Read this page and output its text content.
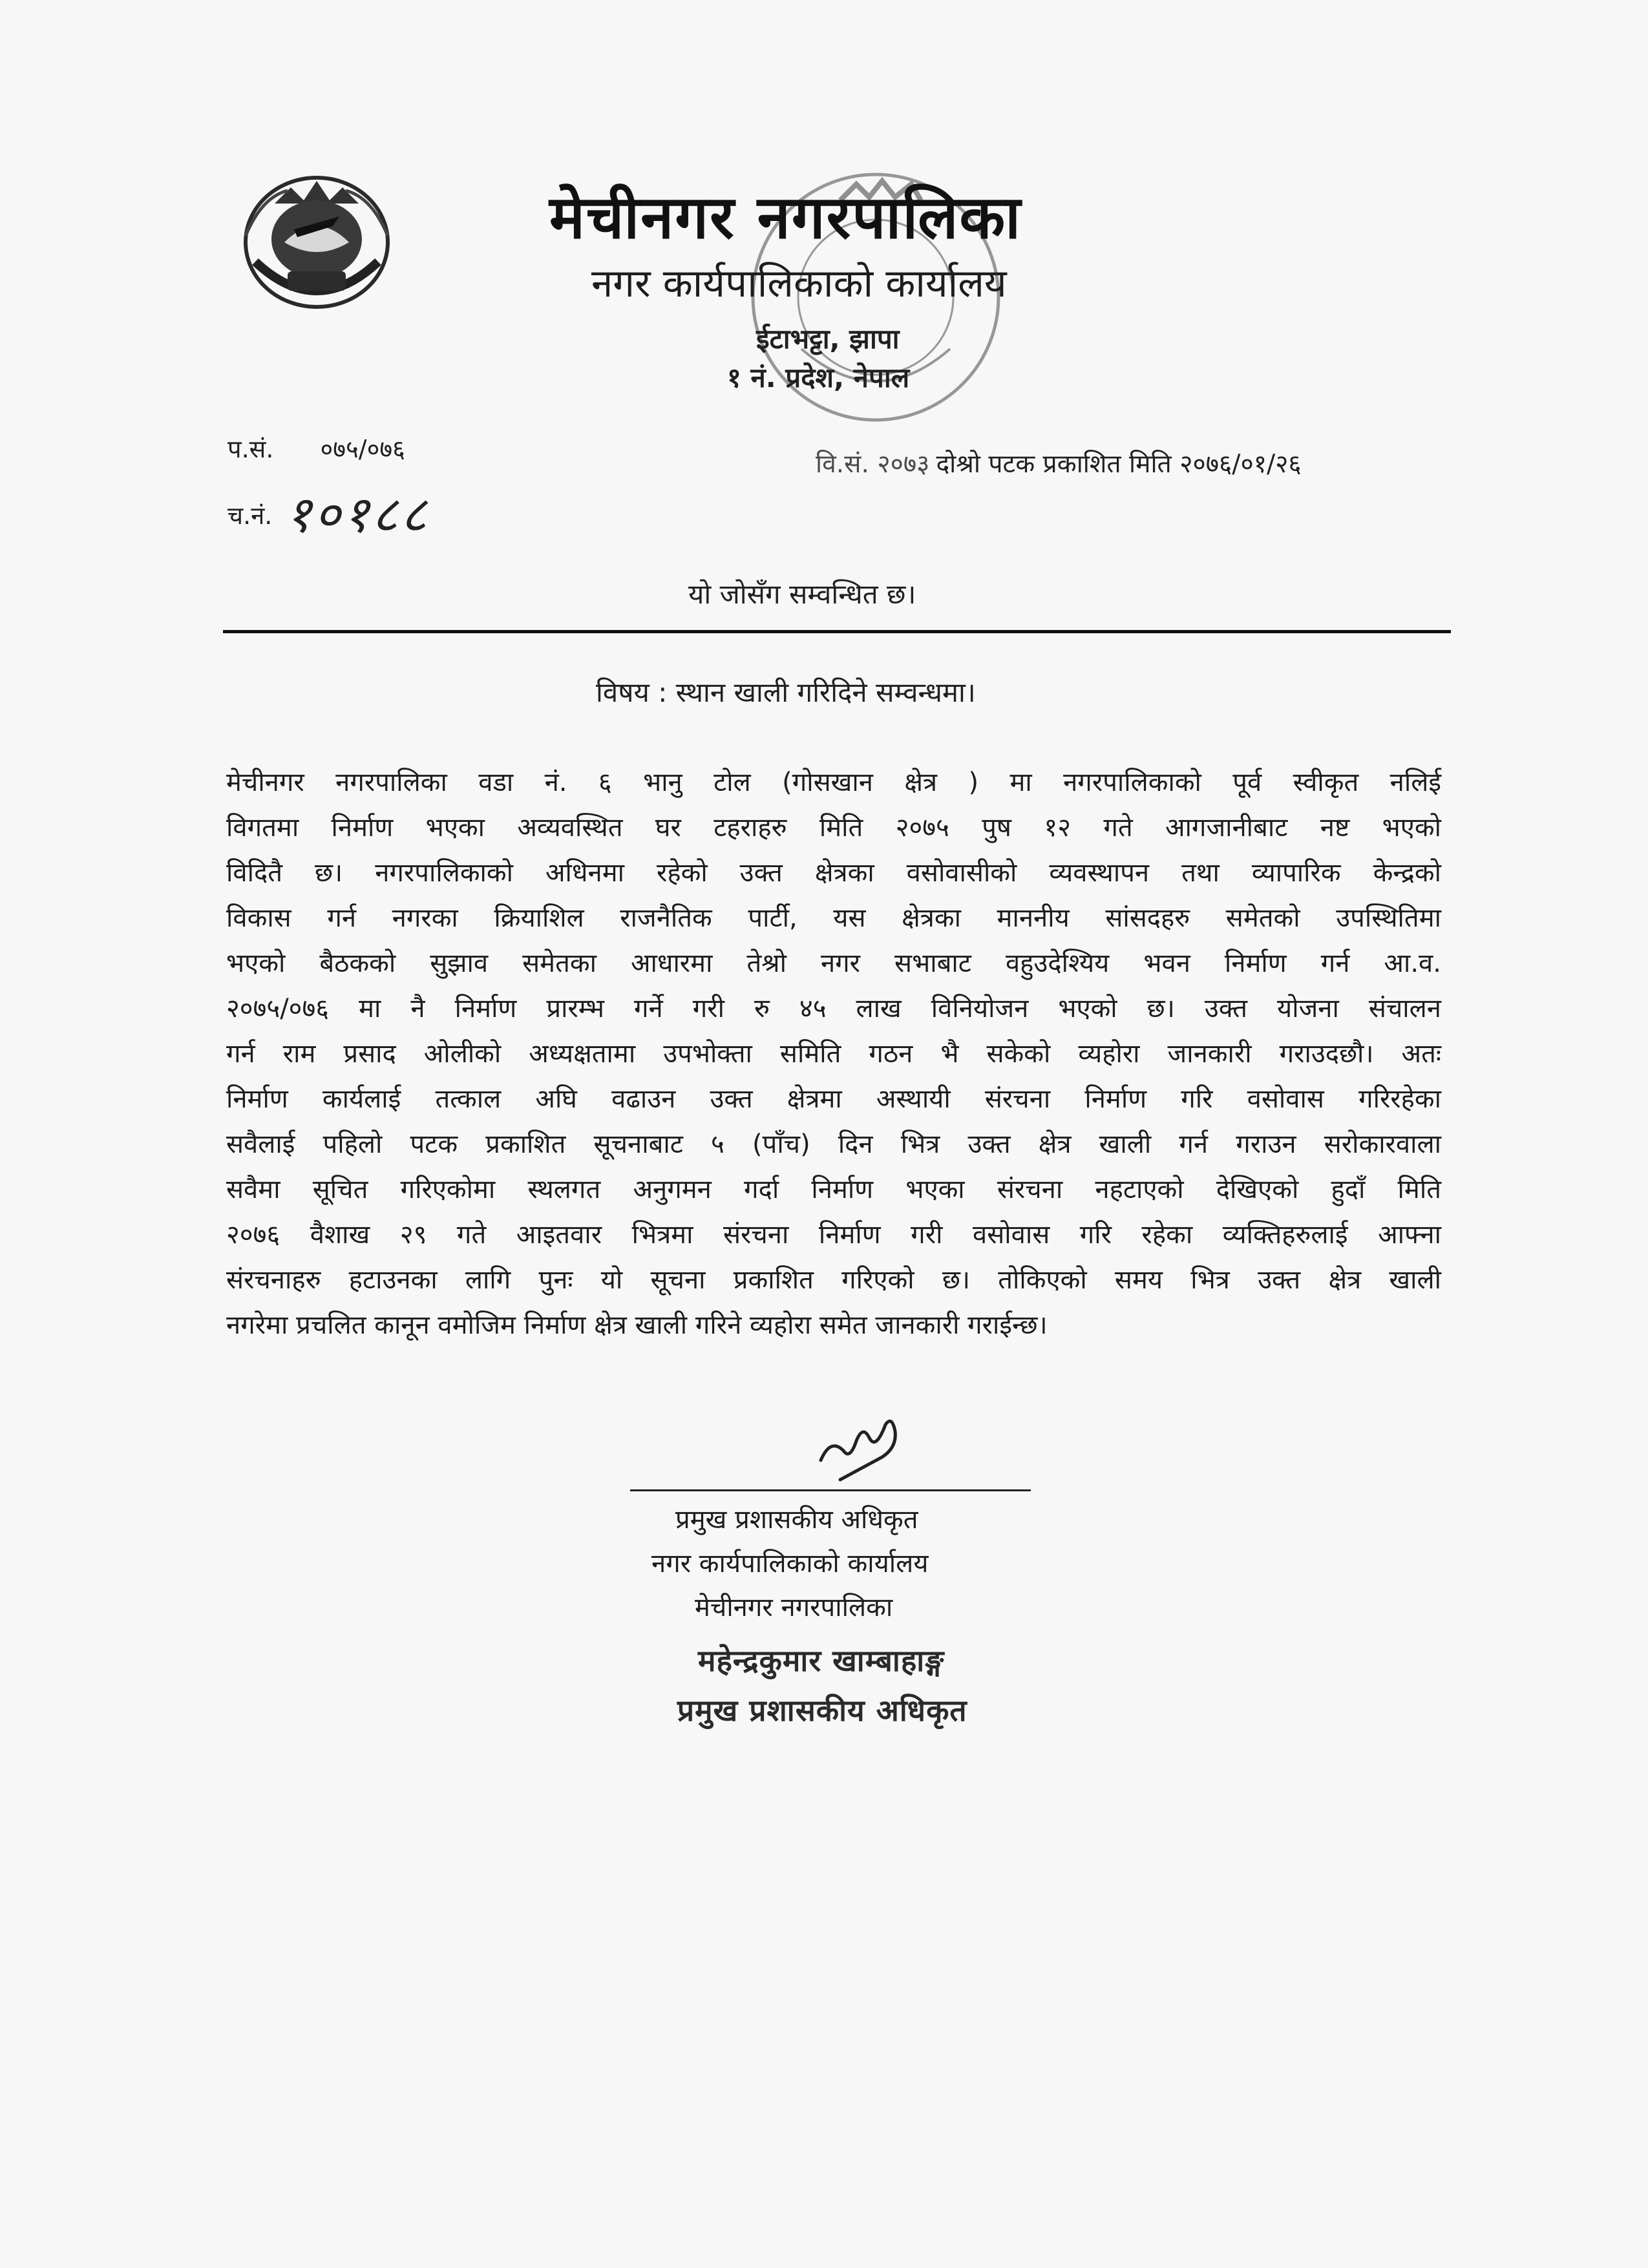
मेचीनगर नगरपालिका
नगर कार्यपालिकाको कार्यालय
ईटाभट्टा, झापा
१ नं. प्रदेश, नेपाल
प.सं. ०७५/०७६
च.नं. १०१८८
वि.सं. २०७३ दोश्रो पटक प्रकाशित मिति २०७६/०१/२६
यो जोसँग सम्वन्धित छ।
विषय : स्थान खाली गरिदिने सम्वन्धमा।
मेचीनगर नगरपालिका वडा नं. ६ भानु टोल (गोसखान क्षेत्र ) मा नगरपालिकाको पूर्व स्वीकृत नलिई
विगतमा निर्माण भएका अव्यवस्थित घर टहराहरु मिति २०७५ पुष १२ गते आगजानीबाट नष्ट भएको
विदितै छ। नगरपालिकाको अधिनमा रहेको उक्त क्षेत्रका वसोवासीको व्यवस्थापन तथा व्यापारिक केन्द्रको
विकास गर्न नगरका क्रियाशिल राजनैतिक पार्टी, यस क्षेत्रका माननीय सांसदहरु समेतको उपस्थितिमा
भएको बैठकको सुझाव समेतका आधारमा तेश्रो नगर सभाबाट वहुउदेश्यिय भवन निर्माण गर्न आ.व.
२०७५/०७६ मा नै निर्माण प्रारम्भ गर्ने गरी रु ४५ लाख विनियोजन भएको छ। उक्त योजना संचालन
गर्न राम प्रसाद ओलीको अध्यक्षतामा उपभोक्ता समिति गठन भै सकेको व्यहोरा जानकारी गराउदछौ। अतः
निर्माण कार्यलाई तत्काल अघि वढाउन उक्त क्षेत्रमा अस्थायी संरचना निर्माण गरि वसोवास गरिरहेका
सवैलाई पहिलो पटक प्रकाशित सूचनाबाट ५ (पाँच) दिन भित्र उक्त क्षेत्र खाली गर्न गराउन सरोकारवाला
सवैमा सूचित गरिएकोमा स्थलगत अनुगमन गर्दा निर्माण भएका संरचना नहटाएको देखिएको हुदाँ मिति
२०७६ वैशाख २९ गते आइतवार भित्रमा संरचना निर्माण गरी वसोवास गरि रहेका व्यक्तिहरुलाई आफ्ना
संरचनाहरु हटाउनका लागि पुनः यो सूचना प्रकाशित गरिएको छ। तोकिएको समय भित्र उक्त क्षेत्र खाली
नगरेमा प्रचलित कानून वमोजिम निर्माण क्षेत्र खाली गरिने व्यहोरा समेत जानकारी गराईन्छ।
प्रमुख प्रशासकीय अधिकृत
नगर कार्यपालिकाको कार्यालय
मेचीनगर नगरपालिका
महेन्द्रकुमार खाम्बाहाङ्ग
प्रमुख प्रशासकीय अधिकृत
